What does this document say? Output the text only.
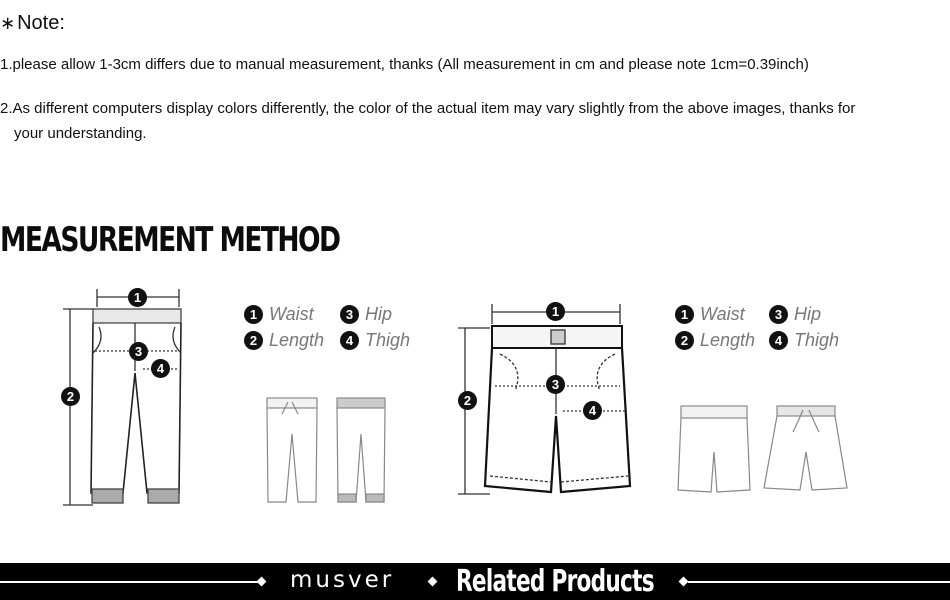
∗ Note:
1.please allow 1-3cm differs due to manual measurement, thanks (All measurement in cm and please note 1cm=0.39inch)
2.As different computers display colors differently, the color of the actual item may vary slightly from the above images, thanks for
your understanding.
MEASUREMENT METHOD
1
2
3
4
1 Waist	3 Hip
2 Length	4 Thigh
1
2
3
4
1 Waist	3 Hip
2 Length	4 Thigh
musver Related Products
